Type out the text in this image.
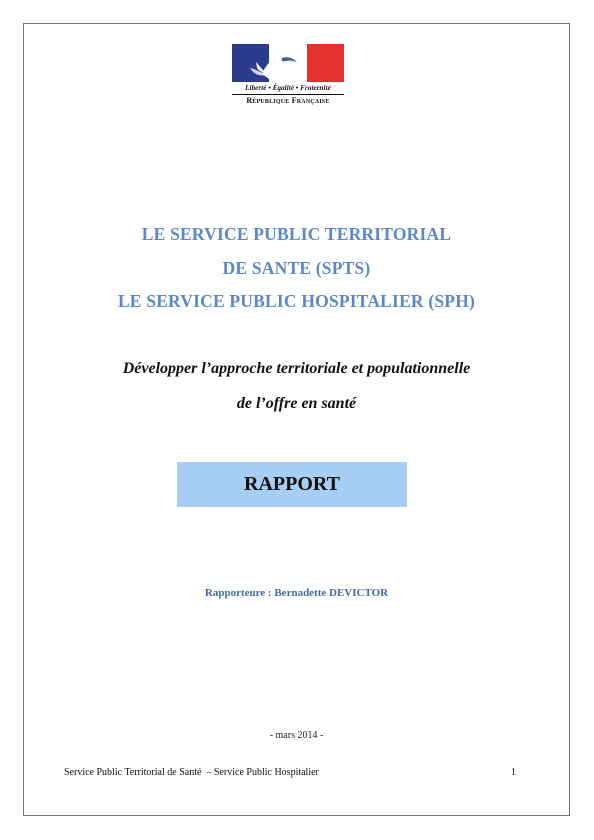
Liberté • Égalité • Fraternité
République Française
LE SERVICE PUBLIC TERRITORIAL
DE SANTE (SPTS)
LE SERVICE PUBLIC HOSPITALIER (SPH)
Développer l’approche territoriale et populationnelle
de l’offre en santé
RAPPORT
Rapporteure : Bernadette DEVICTOR
- mars 2014 -
Service Public Territorial de Santé  – Service Public Hospitalier	1
